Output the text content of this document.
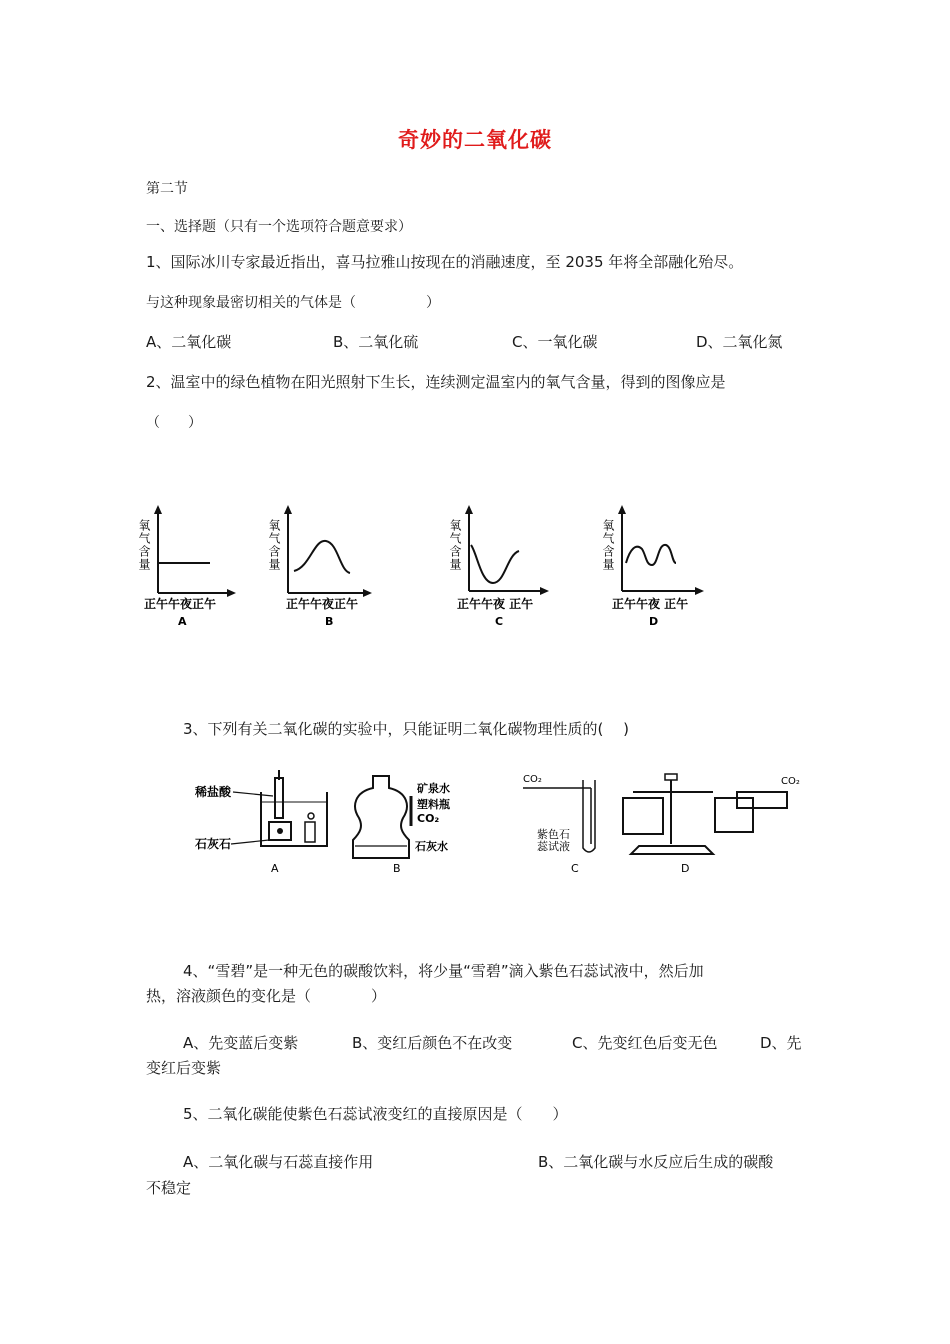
奇妙的二氧化碳
第二节
一、选择题（只有一个选项符合题意要求）
1、国际冰川专家最近指出，喜马拉雅山按现在的消融速度，至 2035 年将全部融化殆尽。
与这种现象最密切相关的气体是（　　　　　）
A、二氧化碳	B、二氧化硫	C、一氧化碳	D、二氧化氮
2、温室中的绿色植物在阳光照射下生长，连续测定温室内的氧气含量，得到的图像应是
（　　）
氧气含量
正午午夜正午
A
氧气含量
正午午夜正午
B
氧气含量
正午午夜 正午
C
氧气含量
正午午夜 正午
D
3、下列有关二氧化碳的实验中，只能证明二氧化碳物理性质的(　 )
稀盐酸
石灰石
A
矿泉水
塑料瓶
CO₂
石灰水
B
CO₂
紫色石
蕊试液
C
CO₂
D
4、“雪碧”是一种无色的碳酸饮料，将少量“雪碧”滴入紫色石蕊试液中，然后加
热，溶液颜色的变化是（　　　　）
A、先变蓝后变紫	B、变红后颜色不在改变	C、先变红色后变无色	D、先
变红后变紫
5、二氧化碳能使紫色石蕊试液变红的直接原因是（　　）
A、二氧化碳与石蕊直接作用	B、二氧化碳与水反应后生成的碳酸
不稳定
